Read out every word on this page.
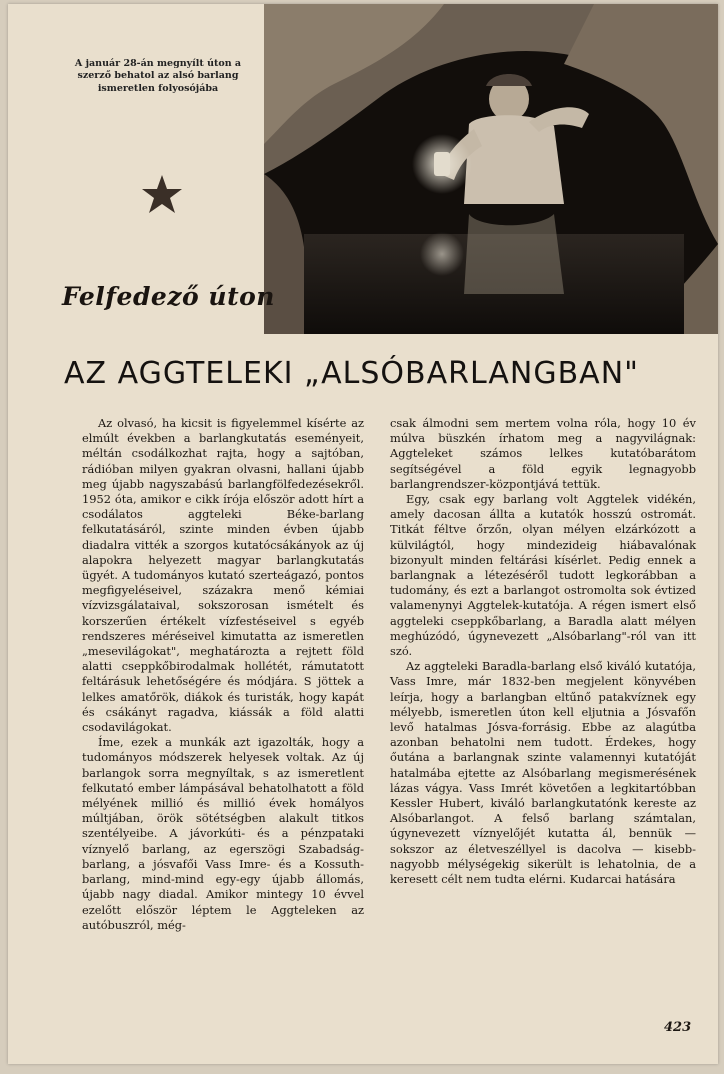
A január 28-án megnyílt úton a szerző behatol az alsó barlang ismeretlen folyosójába
Felfedező úton
AZ AGGTELEKI „ALSÓBARLANGBAN"

Az olvasó, ha kicsit is figyelemmel kísérte az elmúlt években a barlangkutatás eseményeit, méltán csodálkozhat rajta, hogy a sajtóban, rádióban milyen gyakran olvasni, hallani újabb meg újabb nagyszabású barlangfölfedezésekről. 1952 óta, amikor e cikk írója először adott hírt a csodálatos aggteleki Béke-barlang felkutatásáról, szinte minden évben újabb diadalra vitték a szorgos kutatócsákányok az új alapokra helyezett magyar barlangkutatás ügyét. A tudományos kutató szerteágazó, pontos megfigyeléseivel, százakra menő kémiai vízvizsgálataival, sokszorosan ismételt és korszerűen értékelt vízfestéseivel s egyéb rendszeres méréseivel kimutatta az ismeretlen „mesevilágokat", meghatározta a rejtett föld alatti cseppkőbirodalmak hollétét, rámutatott feltárásuk lehetőségére és módjára. S jöttek a lelkes amatőrök, diákok és turisták, hogy kapát és csákányt ragadva, kiássák a föld alatti csodavilágokat.

Íme, ezek a munkák azt igazolták, hogy a tudományos módszerek helyesek voltak. Az új barlangok sorra megnyíltak, s az ismeretlent felkutató ember lámpásával behatolhatott a föld mélyének millió és millió évek homályos múltjában, örök sötétségben alakult titkos szentélyeibe. A jávorkúti- és a pénzpataki víznyelő barlang, az egerszögi Szabadság-barlang, a jósvafői Vass Imre- és a Kossuth-barlang, mind-mind egy-egy újabb állomás, újabb nagy diadal. Amikor mintegy 10 évvel ezelőtt először léptem le Aggteleken az autóbuszról, még-

csak álmodni sem mertem volna róla, hogy 10 év múlva büszkén írhatom meg a nagyvilágnak: Aggteleket számos lelkes kutatóbarátom segítségével a föld egyik legnagyobb barlangrendszer-központjává tettük.

Egy, csak egy barlang volt Aggtelek vidékén, amely dacosan állta a kutatók hosszú ostromát. Titkát féltve őrzőn, olyan mélyen elzárkózott a külvilágtól, hogy mindezideig hiábavalónak bizonyult minden feltárási kísérlet. Pedig ennek a barlangnak a létezéséről tudott legkorábban a tudomány, és ezt a barlangot ostromolta sok évtized valamenynyi Aggtelek-kutatója. A régen ismert első aggteleki cseppkőbarlang, a Baradla alatt mélyen meghúzódó, úgynevezett „Alsóbarlang"-ról van itt szó.

Az aggteleki Baradla-barlang első kiváló kutatója, Vass Imre, már 1832-ben megjelent könyvében leírja, hogy a barlangban eltűnő patakvíznek egy mélyebb, ismeretlen úton kell eljutnia a Jósvafőn levő hatalmas Jósva-forrásig. Ebbe az alagútba azonban behatolni nem tudott. Érdekes, hogy őutána a barlangnak szinte valamennyi kutatóját hatalmába ejtette az Alsóbarlang megismerésének lázas vágya. Vass Imrét követően a legkitartóbban Kessler Hubert, kiváló barlangkutatónk kereste az Alsóbarlangot. A felső barlang számtalan, úgynevezett víznyelőjét kutatta ál, bennük — sokszor az életveszéllyel is dacolva — kisebb-nagyobb mélységekig sikerült is lehatolnia, de a keresett célt nem tudta elérni. Kudarcai hatására

423
